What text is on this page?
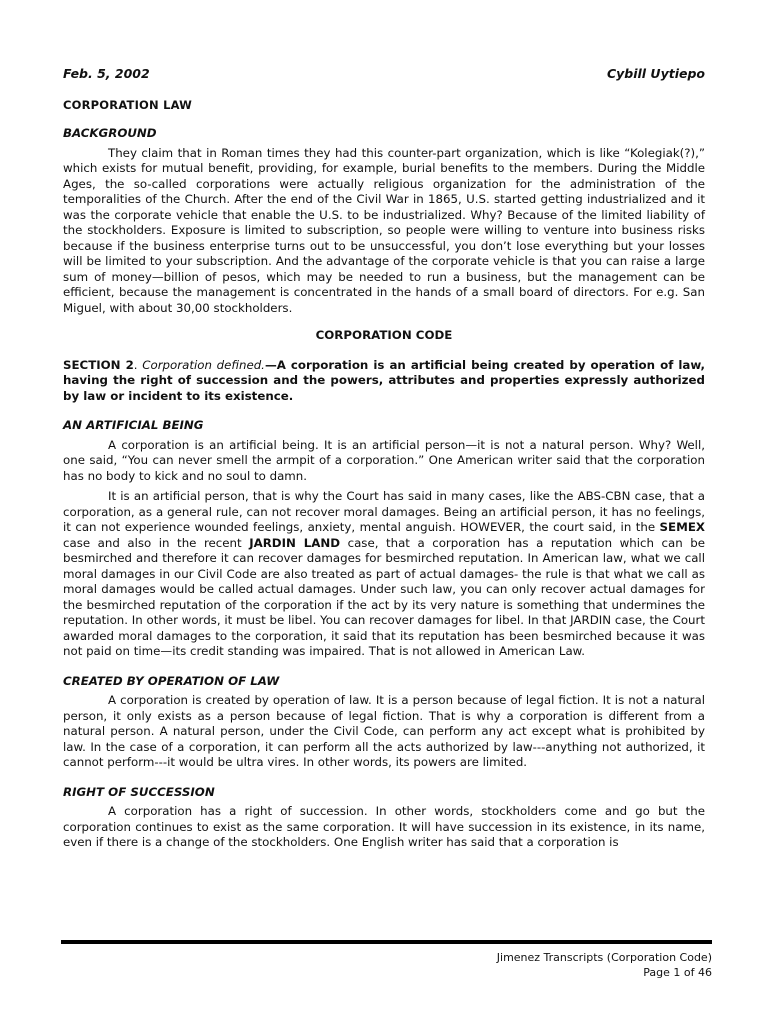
Feb. 5, 2002	Cybill Uytiepo
CORPORATION LAW
BACKGROUND

They claim that in Roman times they had this counter-part organization, which is like “Kolegiak(?),” which exists for mutual benefit, providing, for example, burial benefits to the members. During the Middle Ages, the so-called corporations were actually religious organization for the administration of the temporalities of the Church. After the end of the Civil War in 1865, U.S. started getting industrialized and it was the corporate vehicle that enable the U.S. to be industrialized. Why? Because of the limited liability of the stockholders. Exposure is limited to subscription, so people were willing to venture into business risks because if the business enterprise turns out to be unsuccessful, you don’t lose everything but your losses will be limited to your subscription. And the advantage of the corporate vehicle is that you can raise a large sum of money—billion of pesos, which may be needed to run a business, but the management can be efficient, because the management is concentrated in the hands of a small board of directors. For e.g. San Miguel, with about 30,00 stockholders.

CORPORATION CODE

SECTION 2. Corporation defined.—A corporation is an artificial being created by operation of law, having the right of succession and the powers, attributes and properties expressly authorized by law or incident to its existence.

AN ARTIFICIAL BEING

A corporation is an artificial being. It is an artificial person—it is not a natural person. Why? Well, one said, “You can never smell the armpit of a corporation.” One American writer said that the corporation has no body to kick and no soul to damn.

It is an artificial person, that is why the Court has said in many cases, like the ABS-CBN case, that a corporation, as a general rule, can not recover moral damages. Being an artificial person, it has no feelings, it can not experience wounded feelings, anxiety, mental anguish. HOWEVER, the court said, in the SEMEX case and also in the recent JARDIN LAND case, that a corporation has a reputation which can be besmirched and therefore it can recover damages for besmirched reputation. In American law, what we call moral damages in our Civil Code are also treated as part of actual damages- the rule is that what we call as moral damages would be called actual damages. Under such law, you can only recover actual damages for the besmirched reputation of the corporation if the act by its very nature is something that undermines the reputation. In other words, it must be libel. You can recover damages for libel. In that JARDIN case, the Court awarded moral damages to the corporation, it said that its reputation has been besmirched because it was not paid on time—its credit standing was impaired. That is not allowed in American Law.

CREATED BY OPERATION OF LAW

A corporation is created by operation of law. It is a person because of legal fiction. It is not a natural person, it only exists as a person because of legal fiction. That is why a corporation is different from a natural person. A natural person, under the Civil Code, can perform any act except what is prohibited by law. In the case of a corporation, it can perform all the acts authorized by law---anything not authorized, it cannot perform---it would be ultra vires. In other words, its powers are limited.

RIGHT OF SUCCESSION

A corporation has a right of succession. In other words, stockholders come and go but the corporation continues to exist as the same corporation. It will have succession in its existence, in its name, even if there is a change of the stockholders. One English writer has said that a corporation is

Jimenez Transcripts (Corporation Code)
Page 1 of 46
